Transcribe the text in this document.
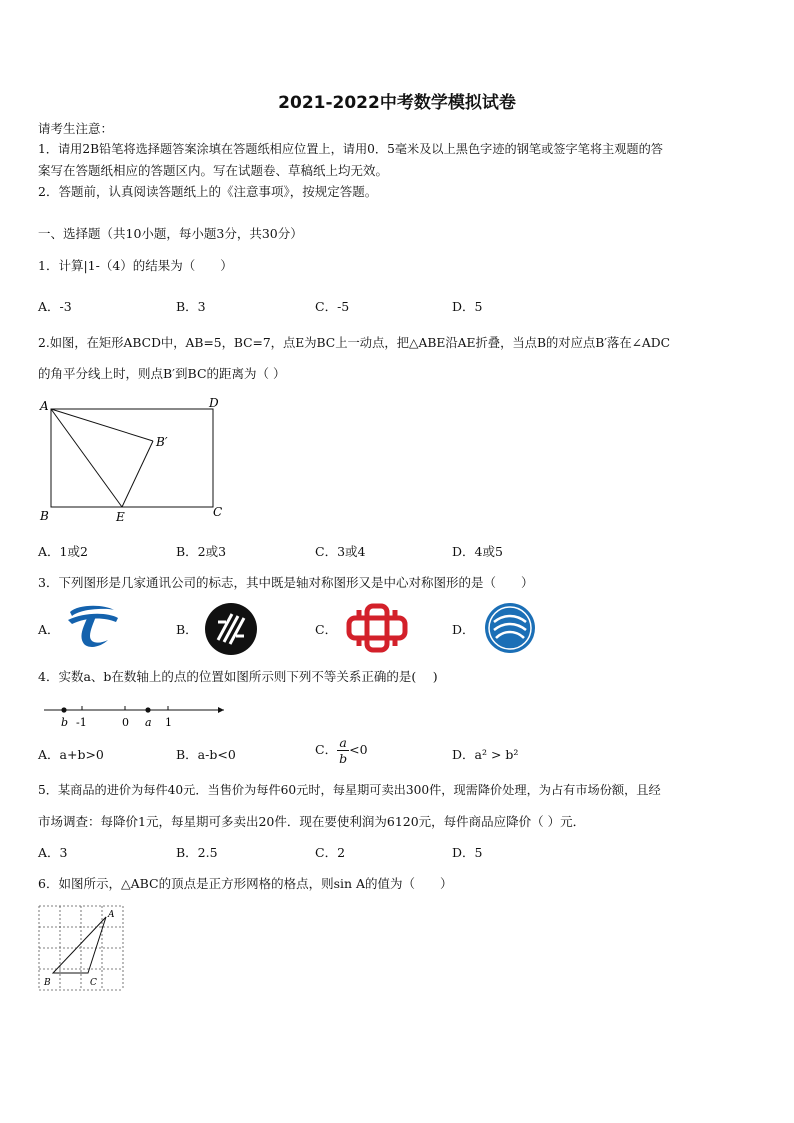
2021-2022中考数学模拟试卷
请考生注意：
1．请用2B铅笔将选择题答案涂填在答题纸相应位置上，请用0．5毫米及以上黑色字迹的钢笔或签字笔将主观题的答
案写在答题纸相应的答题区内。写在试题卷、草稿纸上均无效。
2．答题前，认真阅读答题纸上的《注意事项》，按规定答题。
一、选择题（共10小题，每小题3分，共30分）
1．计算|1-（4）的结果为（　　）
A．-3	B．3	C．-5	D．5
2.如图，在矩形ABCD中，AB=5，BC=7，点E为BC上一动点，把△ABE沿AE折叠，当点B的对应点B′落在∠ADC
的角平分线上时，则点B′到BC的距离为（ ）
A	D
B′
B	E	C
A．1或2	B．2或3	C．3或4	D．4或5
3．下列图形是几家通讯公司的标志，其中既是轴对称图形又是中心对称图形的是（　　）
A．	B．	C．	D．
4．实数a、b在数轴上的点的位置如图所示则下列不等关系正确的是(　 )
b -1	0 a 1
A．a+b>0	B．a-b<0	C． $\frac{a}{b} <0$	D．a² > b²
5．某商品的进价为每件40元．当售价为每件60元时，每星期可卖出300件，现需降价处理，为占有市场份额，且经
市场调查：每降价1元，每星期可多卖出20件．现在要使利润为6120元，每件商品应降价（ ）元．
A．3	B．2.5	C．2	D．5
6．如图所示，△ABC的顶点是正方形网格的格点，则sin A的值为（　　）
A
B	C
